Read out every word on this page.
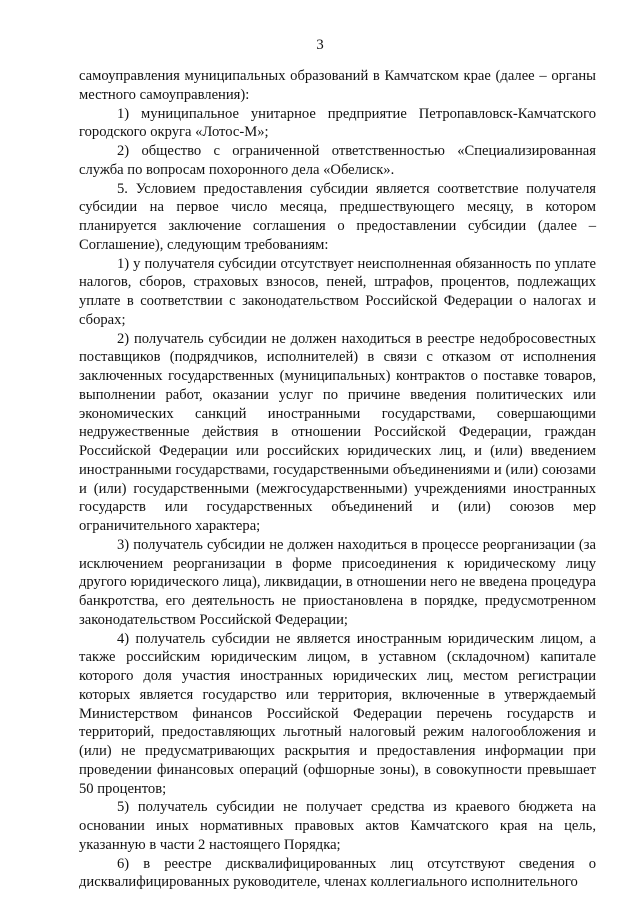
3

самоуправления муниципальных образований в Камчатском крае (далее – органы местного самоуправления):

1) муниципальное унитарное предприятие Петропавловск-Камчатского городского округа «Лотос-М»;

2) общество с ограниченной ответственностью «Специализированная служба по вопросам похоронного дела «Обелиск».

5. Условием предоставления субсидии является соответствие получателя субсидии на первое число месяца, предшествующего месяцу, в котором планируется заключение соглашения о предоставлении субсидии (далее – Соглашение), следующим требованиям:

1) у получателя субсидии отсутствует неисполненная обязанность по уплате налогов, сборов, страховых взносов, пеней, штрафов, процентов, подлежащих уплате в соответствии с законодательством Российской Федерации о налогах и сборах;

2) получатель субсидии не должен находиться в реестре недобросовестных поставщиков (подрядчиков, исполнителей) в связи с отказом от исполнения заключенных государственных (муниципальных) контрактов о поставке товаров, выполнении работ, оказании услуг по причине введения политических или экономических санкций иностранными государствами, совершающими недружественные действия в отношении Российской Федерации, граждан Российской Федерации или российских юридических лиц, и (или) введением иностранными государствами, государственными объединениями и (или) союзами и (или) государственными (межгосударственными) учреждениями иностранных государств или государственных объединений и (или) союзов мер ограничительного характера;

3) получатель субсидии не должен находиться в процессе реорганизации (за исключением реорганизации в форме присоединения к юридическому лицу другого юридического лица), ликвидации, в отношении него не введена процедура банкротства, его деятельность не приостановлена в порядке, предусмотренном законодательством Российской Федерации;

4) получатель субсидии не является иностранным юридическим лицом, а также российским юридическим лицом, в уставном (складочном) капитале которого доля участия иностранных юридических лиц, местом регистрации которых является государство или территория, включенные в утверждаемый Министерством финансов Российской Федерации перечень государств и территорий, предоставляющих льготный налоговый режим налогообложения и (или) не предусматривающих раскрытия и предоставления информации при проведении финансовых операций (офшорные зоны), в совокупности превышает 50 процентов;

5) получатель субсидии не получает средства из краевого бюджета на основании иных нормативных правовых актов Камчатского края на цель, указанную в части 2 настоящего Порядка;

6) в реестре дисквалифицированных лиц отсутствуют сведения о дисквалифицированных руководителе, членах коллегиального исполнительного
